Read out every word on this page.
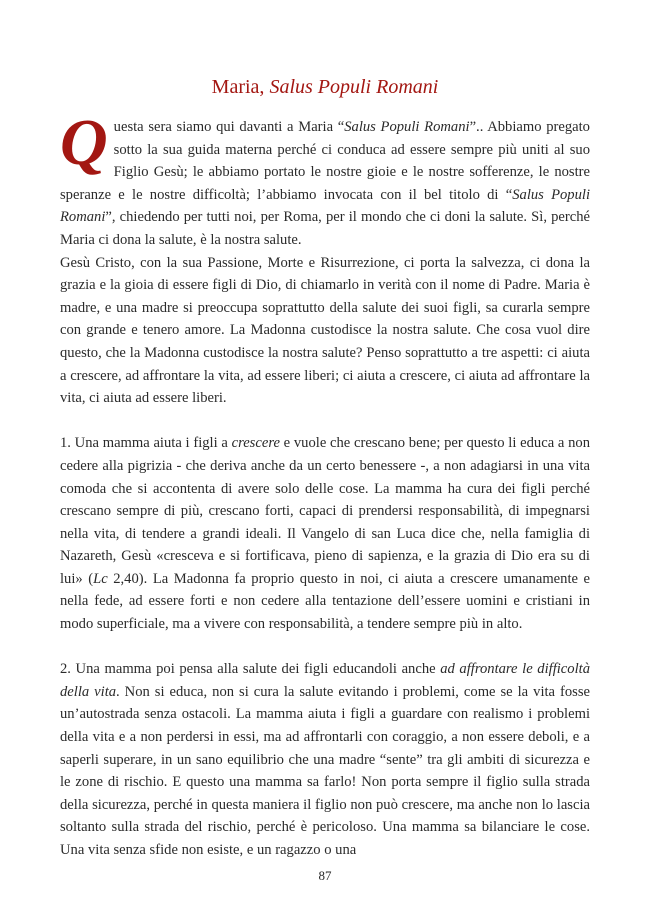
Maria, Salus Populi Romani

Questa sera siamo qui davanti a Maria “Salus Populi Romani”.. Abbiamo pregato sotto la sua guida materna perché ci conduca ad essere sempre più uniti al suo Figlio Gesù; le abbiamo portato le nostre gioie e le nostre sofferenze, le nostre speranze e le nostre difficoltà; l’abbiamo invocata con il bel titolo di “Salus Populi Romani”, chiedendo per tutti noi, per Roma, per il mondo che ci doni la salute. Sì, perché Maria ci dona la salute, è la nostra salute.

Gesù Cristo, con la sua Passione, Morte e Risurrezione, ci porta la salvezza, ci dona la grazia e la gioia di essere figli di Dio, di chiamarlo in verità con il nome di Padre. Maria è madre, e una madre si preoccupa soprattutto della salute dei suoi figli, sa curarla sempre con grande e tenero amore. La Madonna custodisce la nostra salute. Che cosa vuol dire questo, che la Madonna custodisce la nostra salute? Penso soprattutto a tre aspetti: ci aiuta a crescere, ad affrontare la vita, ad essere liberi; ci aiuta a crescere, ci aiuta ad affrontare la vita, ci aiuta ad essere liberi.

1. Una mamma aiuta i figli a crescere e vuole che crescano bene; per questo li educa a non cedere alla pigrizia - che deriva anche da un certo benessere -, a non adagiarsi in una vita comoda che si accontenta di avere solo delle cose. La mamma ha cura dei figli perché crescano sempre di più, crescano forti, capaci di prendersi responsabilità, di impegnarsi nella vita, di tendere a grandi ideali. Il Vangelo di san Luca dice che, nella famiglia di Nazareth, Gesù «cresceva e si fortificava, pieno di sapienza, e la grazia di Dio era su di lui» (Lc 2,40). La Madonna fa proprio questo in noi, ci aiuta a crescere umanamente e nella fede, ad essere forti e non cedere alla tentazione dell’essere uomini e cristiani in modo superficiale, ma a vivere con responsabilità, a tendere sempre più in alto.

2. Una mamma poi pensa alla salute dei figli educandoli anche ad affrontare le difficoltà della vita. Non si educa, non si cura la salute evitando i problemi, come se la vita fosse un’autostrada senza ostacoli. La mamma aiuta i figli a guardare con realismo i problemi della vita e a non perdersi in essi, ma ad affrontarli con coraggio, a non essere deboli, e a saperli superare, in un sano equilibrio che una madre “sente” tra gli ambiti di sicurezza e le zone di rischio. E questo una mamma sa farlo! Non porta sempre il figlio sulla strada della sicurezza, perché in questa maniera il figlio non può crescere, ma anche non lo lascia soltanto sulla strada del rischio, perché è pericoloso. Una mamma sa bilanciare le cose. Una vita senza sfide non esiste, e un ragazzo o una

87
